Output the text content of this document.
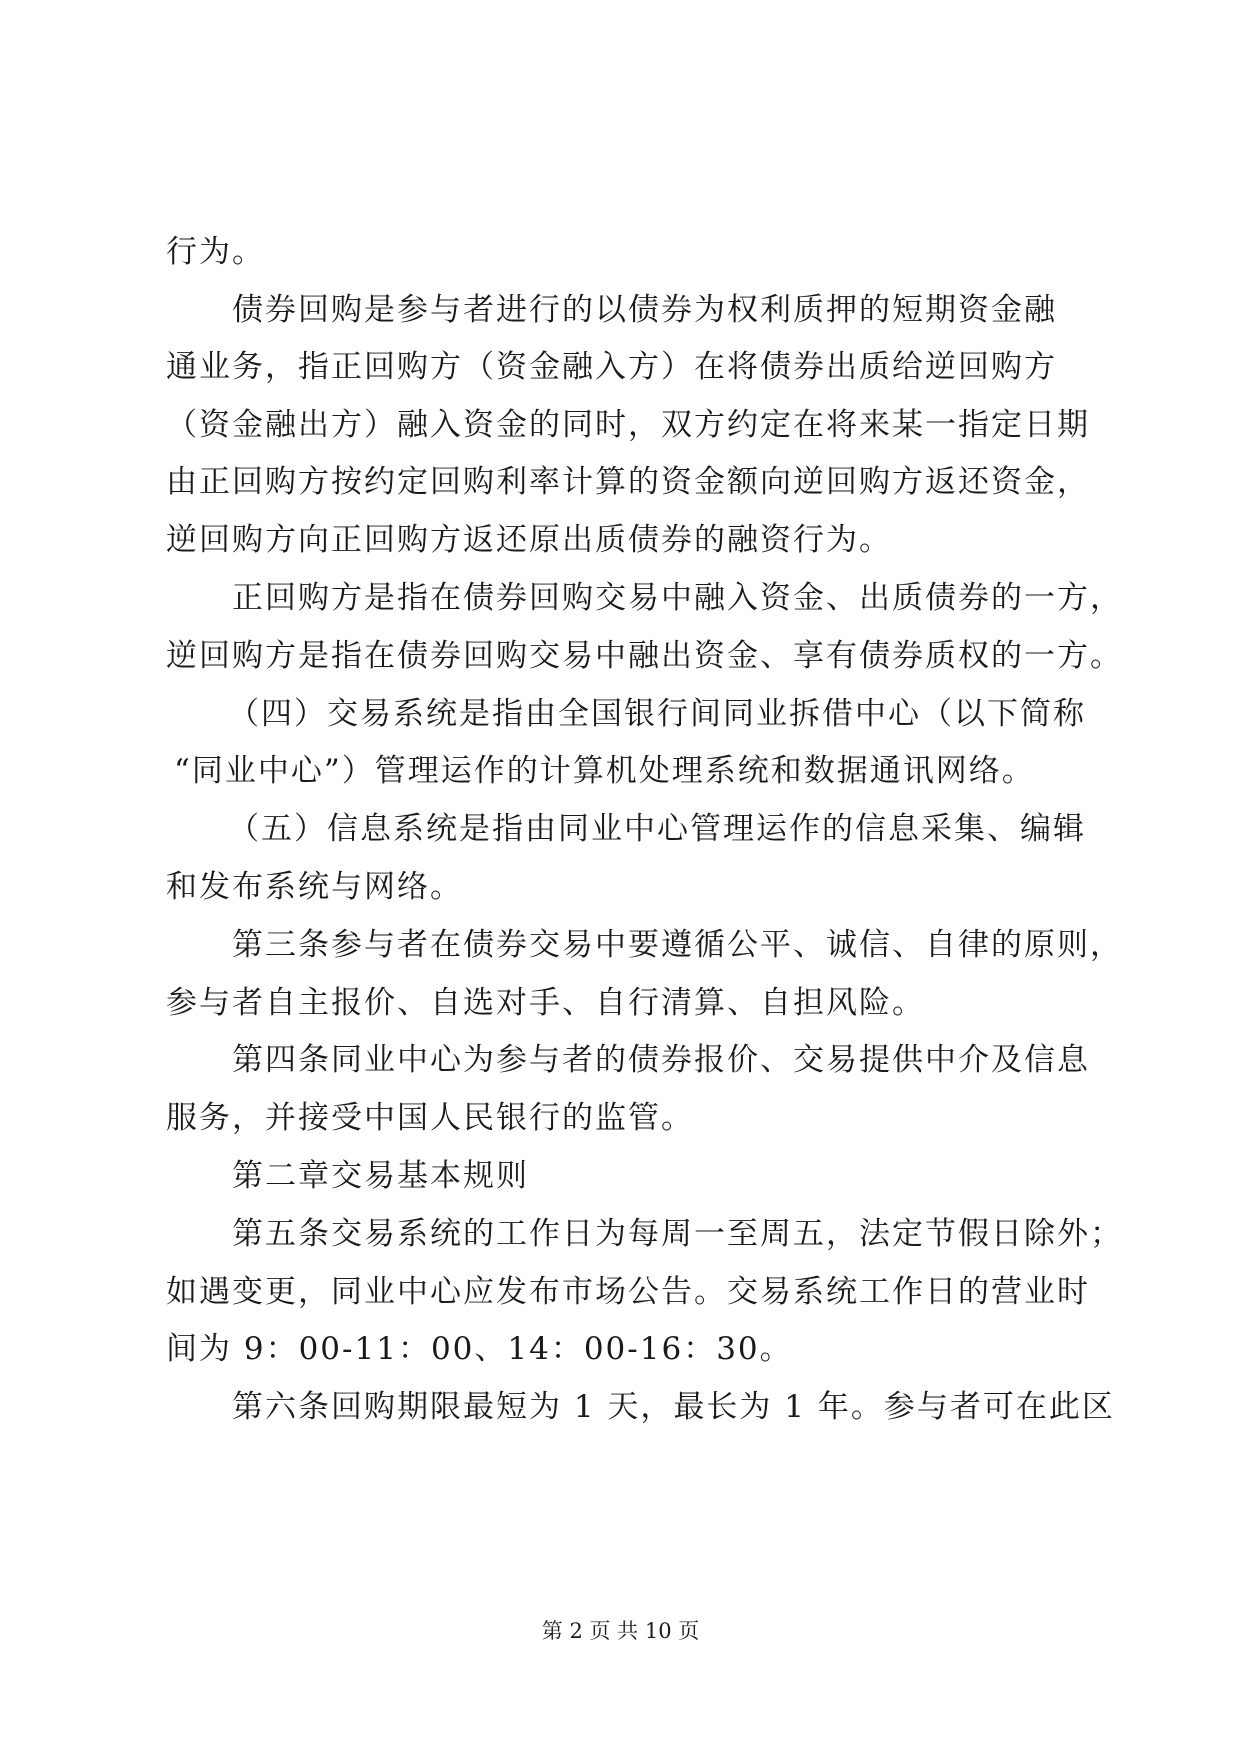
行为。
债券回购是参与者进行的以债券为权利质押的短期资金融
通业务，指正回购方（资金融入方）在将债券出质给逆回购方
（资金融出方）融入资金的同时，双方约定在将来某一指定日期
由正回购方按约定回购利率计算的资金额向逆回购方返还资金，
逆回购方向正回购方返还原出质债券的融资行为。
正回购方是指在债券回购交易中融入资金、出质债券的一方，
逆回购方是指在债券回购交易中融出资金、享有债券质权的一方。
（四）交易系统是指由全国银行间同业拆借中心（以下简称
“同业中心”）管理运作的计算机处理系统和数据通讯网络。
（五）信息系统是指由同业中心管理运作的信息采集、编辑
和发布系统与网络。
第三条参与者在债券交易中要遵循公平、诚信、自律的原则，
参与者自主报价、自选对手、自行清算、自担风险。
第四条同业中心为参与者的债券报价、交易提供中介及信息
服务，并接受中国人民银行的监管。
第二章交易基本规则
第五条交易系统的工作日为每周一至周五，法定节假日除外；
如遇变更，同业中心应发布市场公告。交易系统工作日的营业时
间为 9：00-11：00、14：00-16：30。
第六条回购期限最短为 1 天，最长为 1 年。参与者可在此区
第 2 页 共 10 页
